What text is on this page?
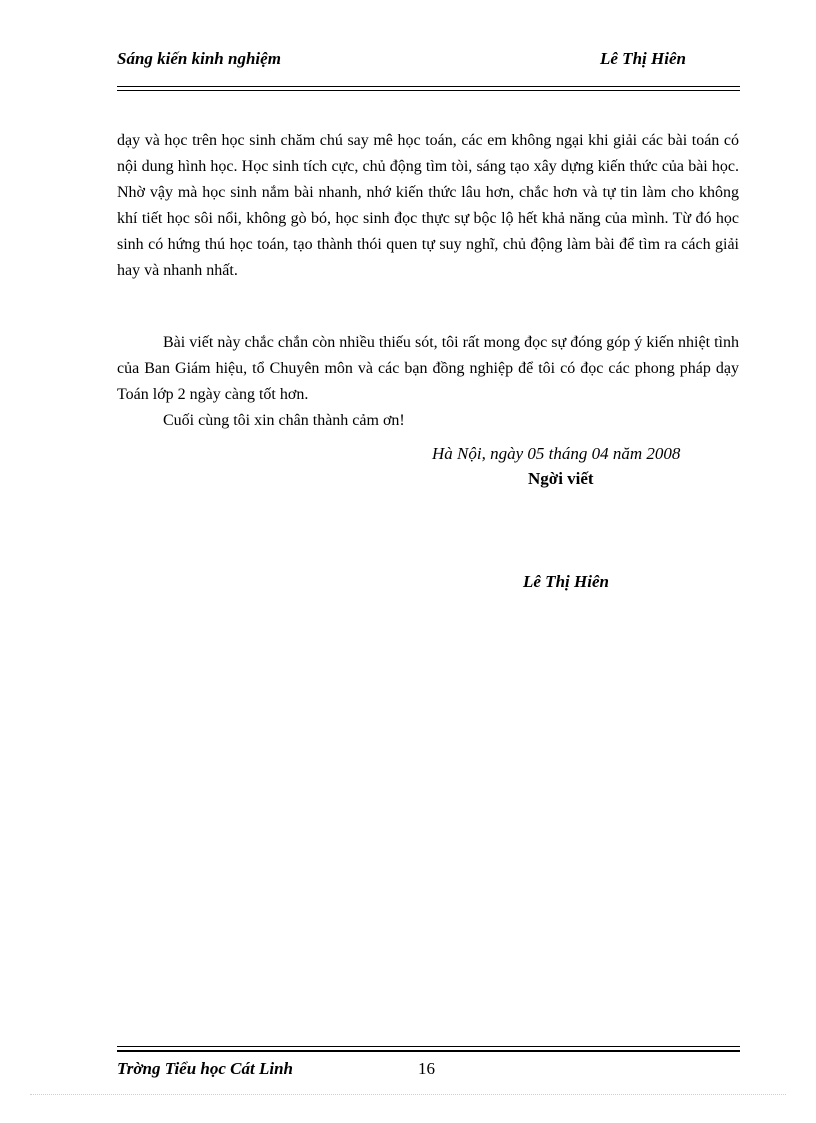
Sáng kiến kinh nghiệm	Lê Thị Hiên

dạy và học trên học sinh chăm chú say mê học toán, các em không ngại khi giải các bài toán có nội dung hình học. Học sinh tích cực, chủ động tìm tòi, sáng tạo xây dựng kiến thức của bài học. Nhờ vậy mà học sinh nắm bài nhanh, nhớ kiến thức lâu hơn, chắc hơn và tự tin làm cho không khí tiết học sôi nổi, không gò bó, học sinh đọc thực sự bộc lộ hết khả năng của mình. Từ đó học sinh có hứng thú học toán, tạo thành thói quen tự suy nghĩ, chủ động làm bài để tìm ra cách giải hay và nhanh nhất.

Bài viết này chắc chắn còn nhiều thiếu sót, tôi rất mong đọc sự đóng góp ý kiến nhiệt tình của Ban Giám hiệu, tổ Chuyên môn và các bạn đồng nghiệp để tôi có đọc các phong pháp dạy Toán lớp 2 ngày càng tốt hơn.

Cuối cùng tôi xin chân thành cảm ơn!

Hà Nội, ngày 05 tháng 04 năm 2008
Ngời viết
Lê Thị Hiên
Trờng Tiểu học Cát Linh	16
